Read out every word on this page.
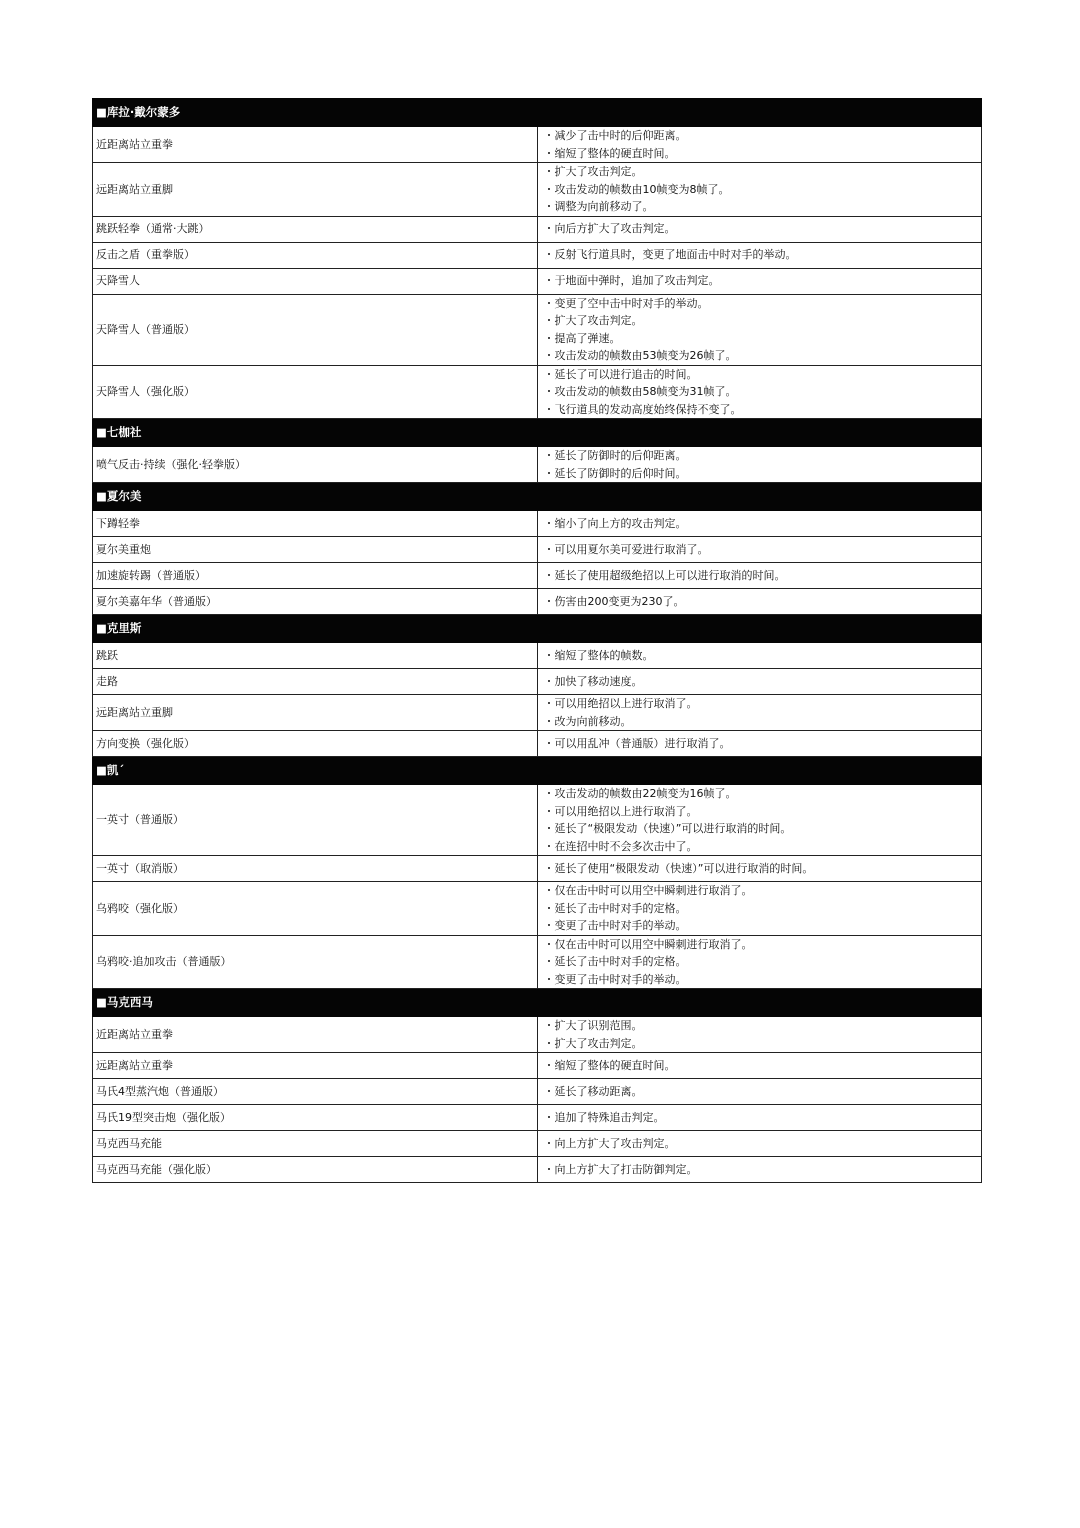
■库拉·戴尔蒙多	
近距离站立重拳	・减少了击中时的后仰距离。
・缩短了整体的硬直时间。

远距离站立重脚	・扩大了攻击判定。
・攻击发动的帧数由10帧变为8帧了。
・调整为向前移动了。

跳跃轻拳（通常·大跳）	・向后方扩大了攻击判定。

反击之盾（重拳版）	・反射飞行道具时，变更了地面击中时对手的举动。

天降雪人	・于地面中弹时，追加了攻击判定。

天降雪人（普通版）	・变更了空中击中时对手的举动。
・扩大了攻击判定。
・提高了弹速。
・攻击发动的帧数由53帧变为26帧了。

天降雪人（强化版）	・延长了可以进行追击的时间。
・攻击发动的帧数由58帧变为31帧了。
・飞行道具的发动高度始终保持不变了。

■七枷社	
喷气反击·持续（强化·轻拳版）	・延长了防御时的后仰距离。
・延长了防御时的后仰时间。

■夏尔美	
下蹲轻拳	・缩小了向上方的攻击判定。

夏尔美重炮	・可以用夏尔美可爱进行取消了。

加速旋转踢（普通版）	・延长了使用超级绝招以上可以进行取消的时间。

夏尔美嘉年华（普通版）	・伤害由200变更为230了。

■克里斯	
跳跃	・缩短了整体的帧数。

走路	・加快了移动速度。

远距离站立重脚	・可以用绝招以上进行取消了。
・改为向前移动。

方向变换（强化版）	・可以用乱冲（普通版）进行取消了。

■凯´	
一英寸（普通版）	・攻击发动的帧数由22帧变为16帧了。
・可以用绝招以上进行取消了。
・延长了“极限发动（快速）”可以进行取消的时间。
・在连招中时不会多次击中了。

一英寸（取消版）	・延长了使用“极限发动（快速）”可以进行取消的时间。

乌鸦咬（强化版）	・仅在击中时可以用空中瞬刺进行取消了。
・延长了击中时对手的定格。
・变更了击中时对手的举动。

乌鸦咬·追加攻击（普通版）	・仅在击中时可以用空中瞬刺进行取消了。
・延长了击中时对手的定格。
・变更了击中时对手的举动。

■马克西马	
近距离站立重拳	・扩大了识别范围。
・扩大了攻击判定。

远距离站立重拳	・缩短了整体的硬直时间。

马氏4型蒸汽炮（普通版）	・延长了移动距离。

马氏19型突击炮（强化版）	・追加了特殊追击判定。

马克西马充能	・向上方扩大了攻击判定。

马克西马充能（强化版）	・向上方扩大了打击防御判定。
